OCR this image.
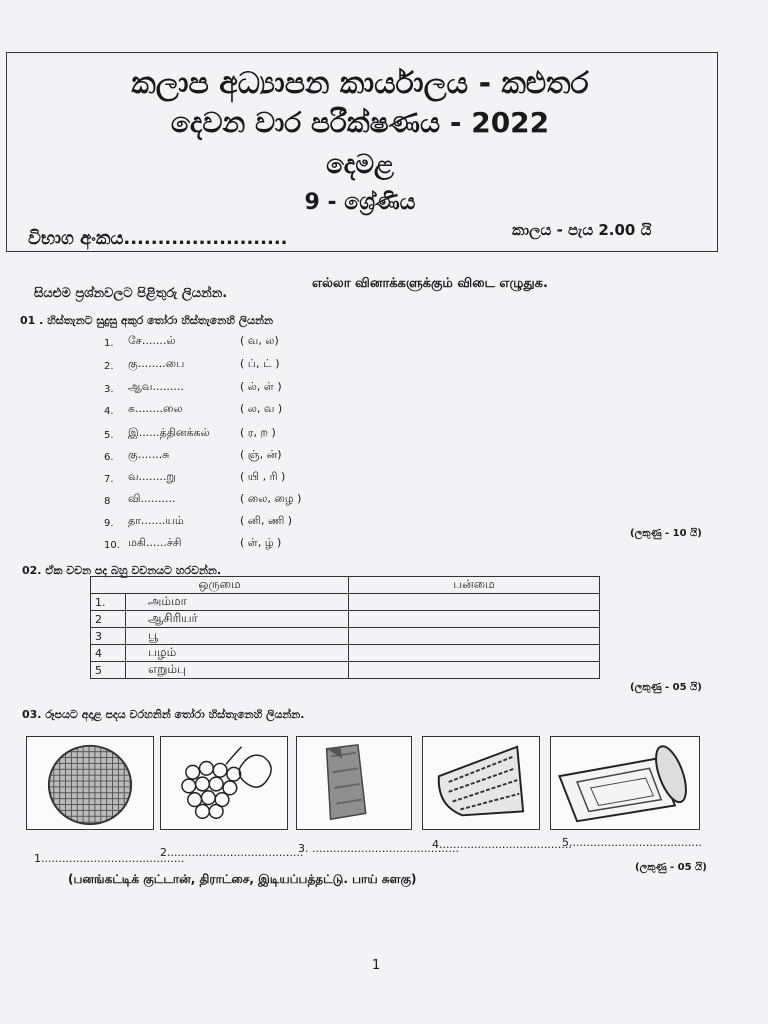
කලාප අධ්‍යාපන කාර්යාලය - කළුතර
දෙවන වාර පරීක්ෂණය - 2022
දෙමළ
9 - ශ්‍රේණිය
විභාග අංකය........................	කාලය - පැය 2.00 යි
සියළුම ප්‍රශ්නවලට පිළිතුරු ලියන්න.
எல்லா வினாக்களுக்கும் விடை எழுதுக.
01 . හිස්තැනට සුදුසු අකුර තෝරා හිස්තැනෙහි ලියන්න
1.	சே.......ல்	( வ, ல)
2.	கு........பை	( ப், ட் )
3.	ஆவ.........	( ல், ள் )
4.	க........லை	( ல, வ )
5.	இ......த்தினக்கல்	( ர, ற )
6.	கு.......சு	( ஞ், ன்)
7.	வ........று	( யி , ரி )
8	வி..........	( லை, ழை )
9.	தா.......யம்	( னி, ணி )
10. மகி......ச்சி	( ள், ழ் )
(ලකුණු - 10 යි)
02. ඒක වචන පද බහු වචනයට හරවන්න.
ஒருமை		பன்மை
1.	அம்மா	
2	ஆசிரியர்	
3	பூ	
4	பழம்	
5	எறும்பு	
(ලකුණු - 05 යි)
03. රූපයට අදාළ පදය වරහනින් තෝරා හිස්තැනෙහි ලියන්න.
1.........................................
2.......................................
3. ..........................................
4......................................
5......................................
(பனங்கட்டிக் குட்டான், திராட்சை, இடியப்பத்தட்டு. பாய் சுளகு)
(ලකුණු - 05 යි)
1
